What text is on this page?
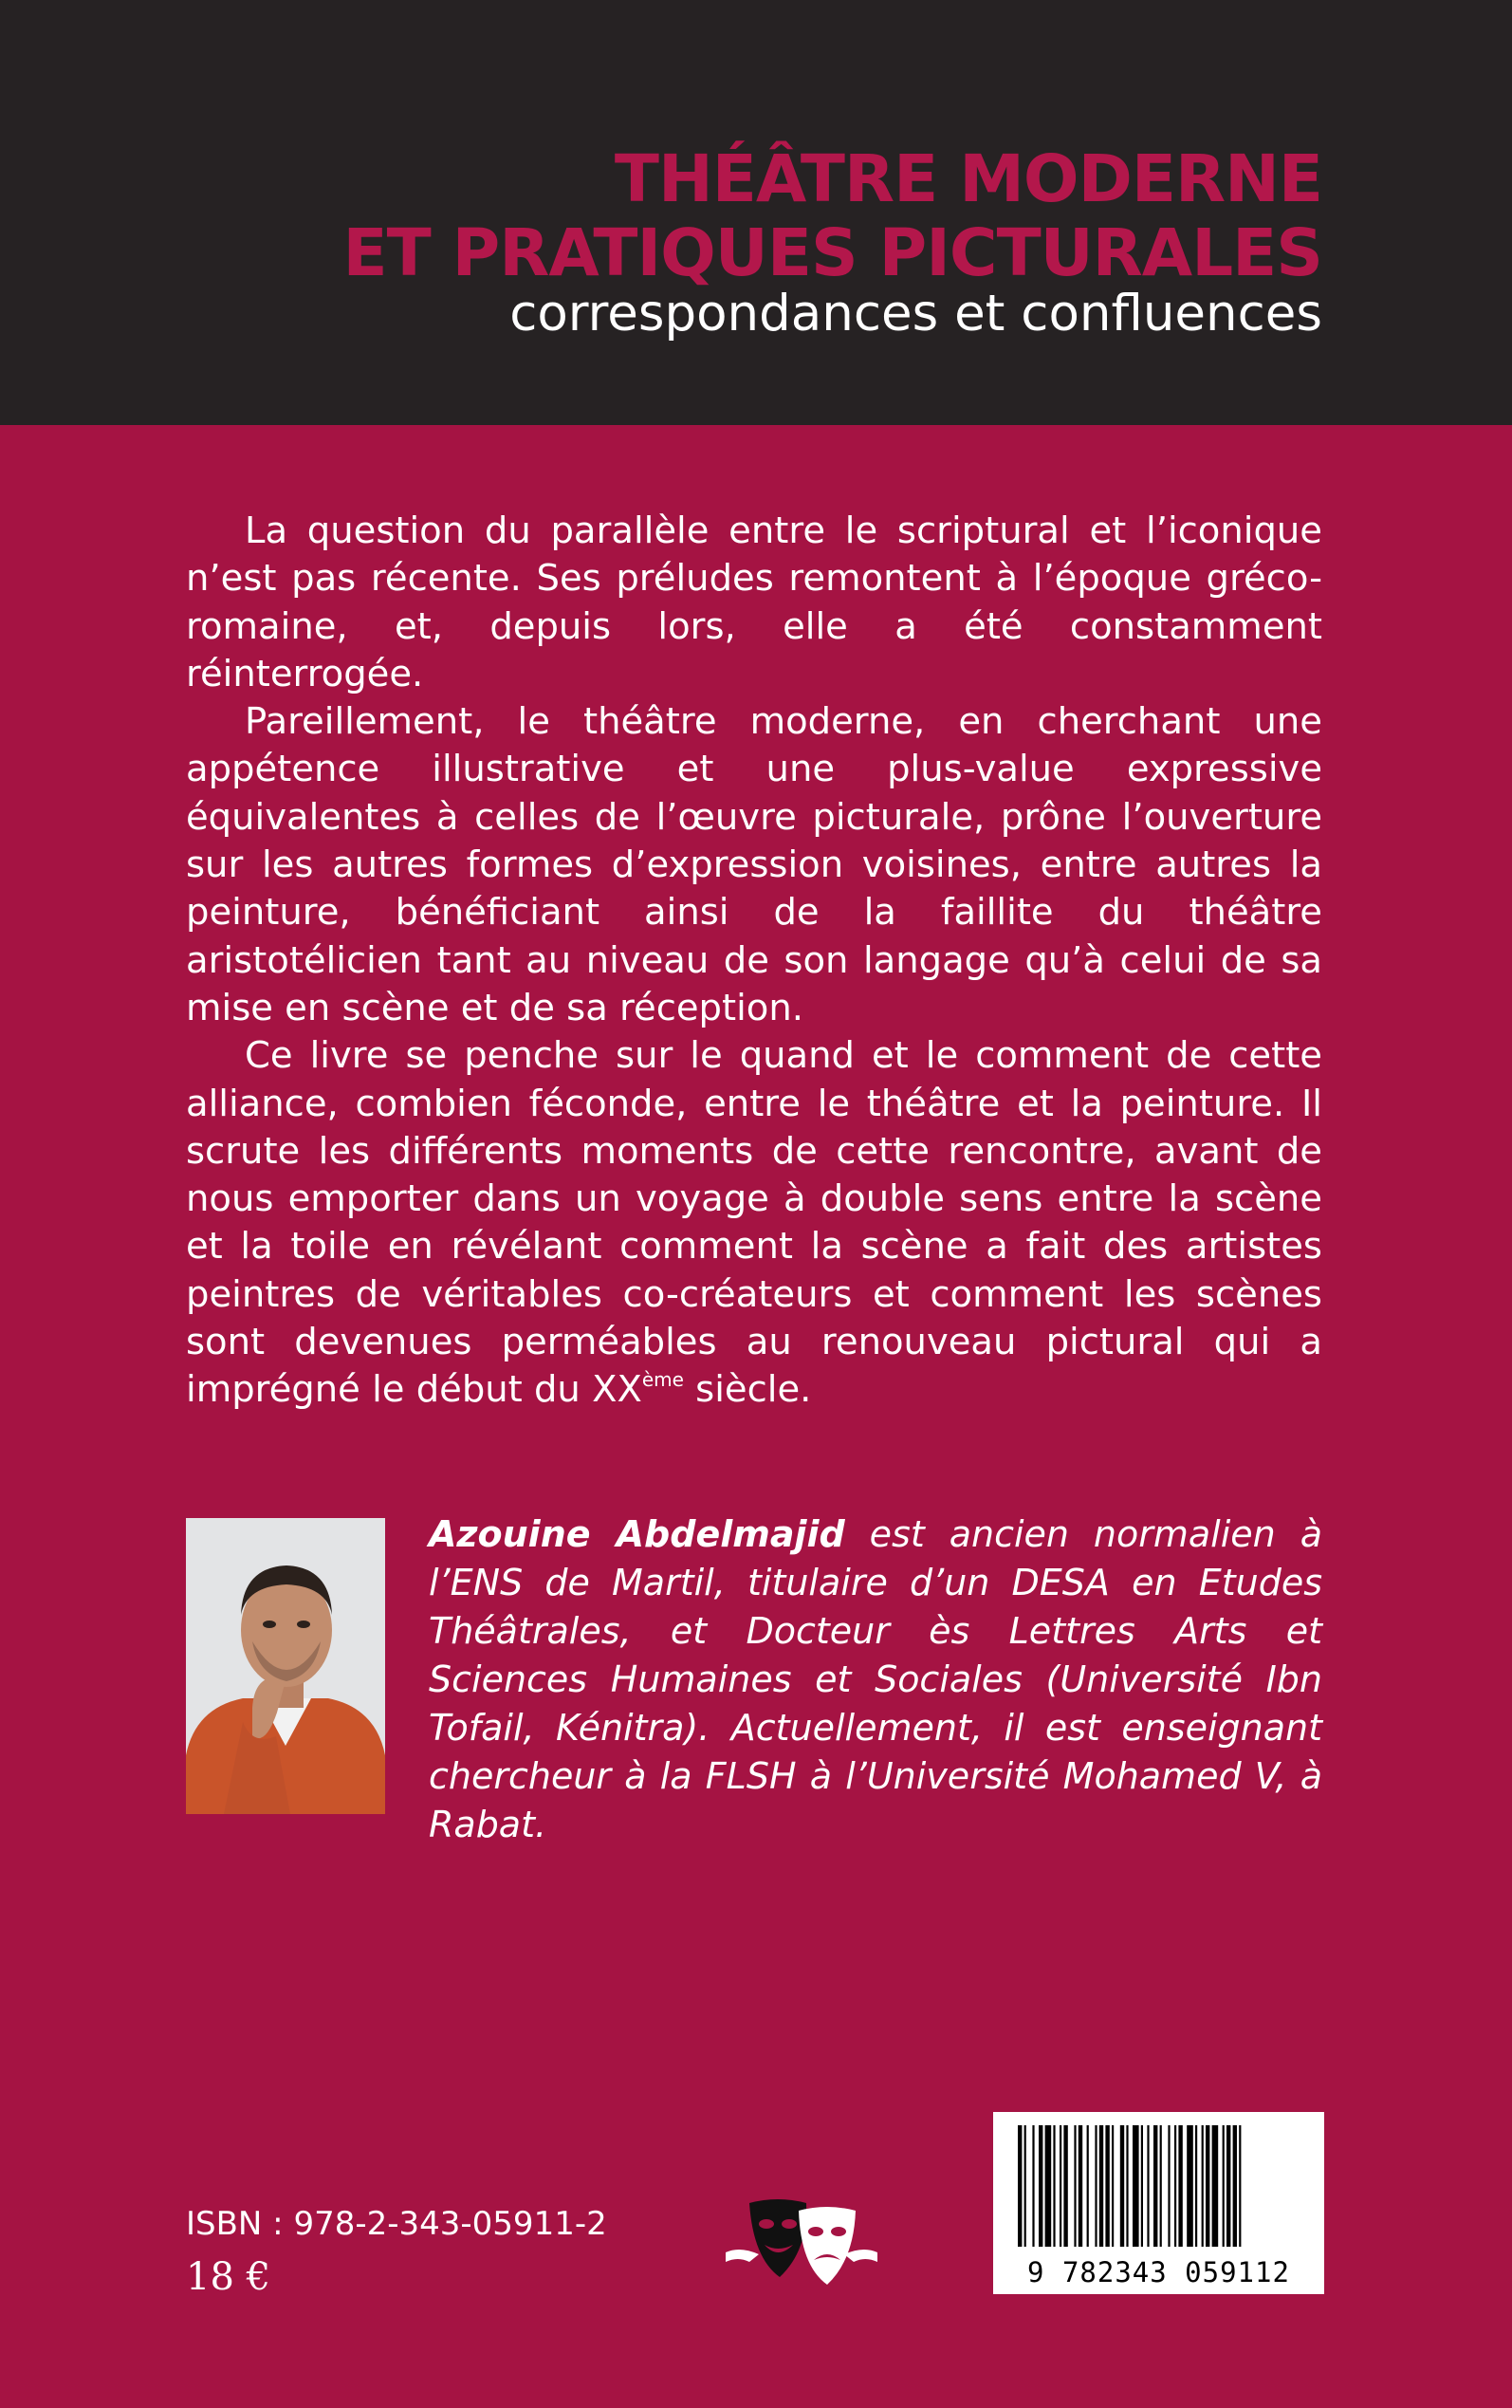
THÉÂTRE MODERNE
ET PRATIQUES PICTURALES
correspondances et confluences

La question du parallèle entre le scriptural et l’iconique n’est pas récente. Ses préludes remontent à l’époque gréco-romaine, et, depuis lors, elle a été constamment réinterrogée.

Pareillement, le théâtre moderne, en cherchant une appétence illustrative et une plus-value expressive équivalentes à celles de l’œuvre picturale, prône l’ouverture sur les autres formes d’expression voisines, entre autres la peinture, bénéficiant ainsi de la faillite du théâtre aristotélicien tant au niveau de son langage qu’à celui de sa mise en scène et de sa réception.

Ce livre se penche sur le quand et le comment de cette alliance, combien féconde, entre le théâtre et la peinture. Il scrute les différents moments de cette rencontre, avant de nous emporter dans un voyage à double sens entre la scène et la toile en révélant comment la scène a fait des artistes peintres de véritables co-créateurs et comment les scènes sont devenues perméables au renouveau pictural qui a imprégné le début du XXème siècle.

Azouine Abdelmajid est ancien normalien à l’ENS de Martil, titulaire d’un DESA en Etudes Théâtrales, et Docteur ès Lettres Arts et Sciences Humaines et Sociales (Université Ibn Tofail, Kénitra). Actuellement, il est enseignant chercheur à la FLSH à l’Université Mohamed V, à Rabat.
ISBN : 978-2-343-05911-2
18 €	9 782343 059112
